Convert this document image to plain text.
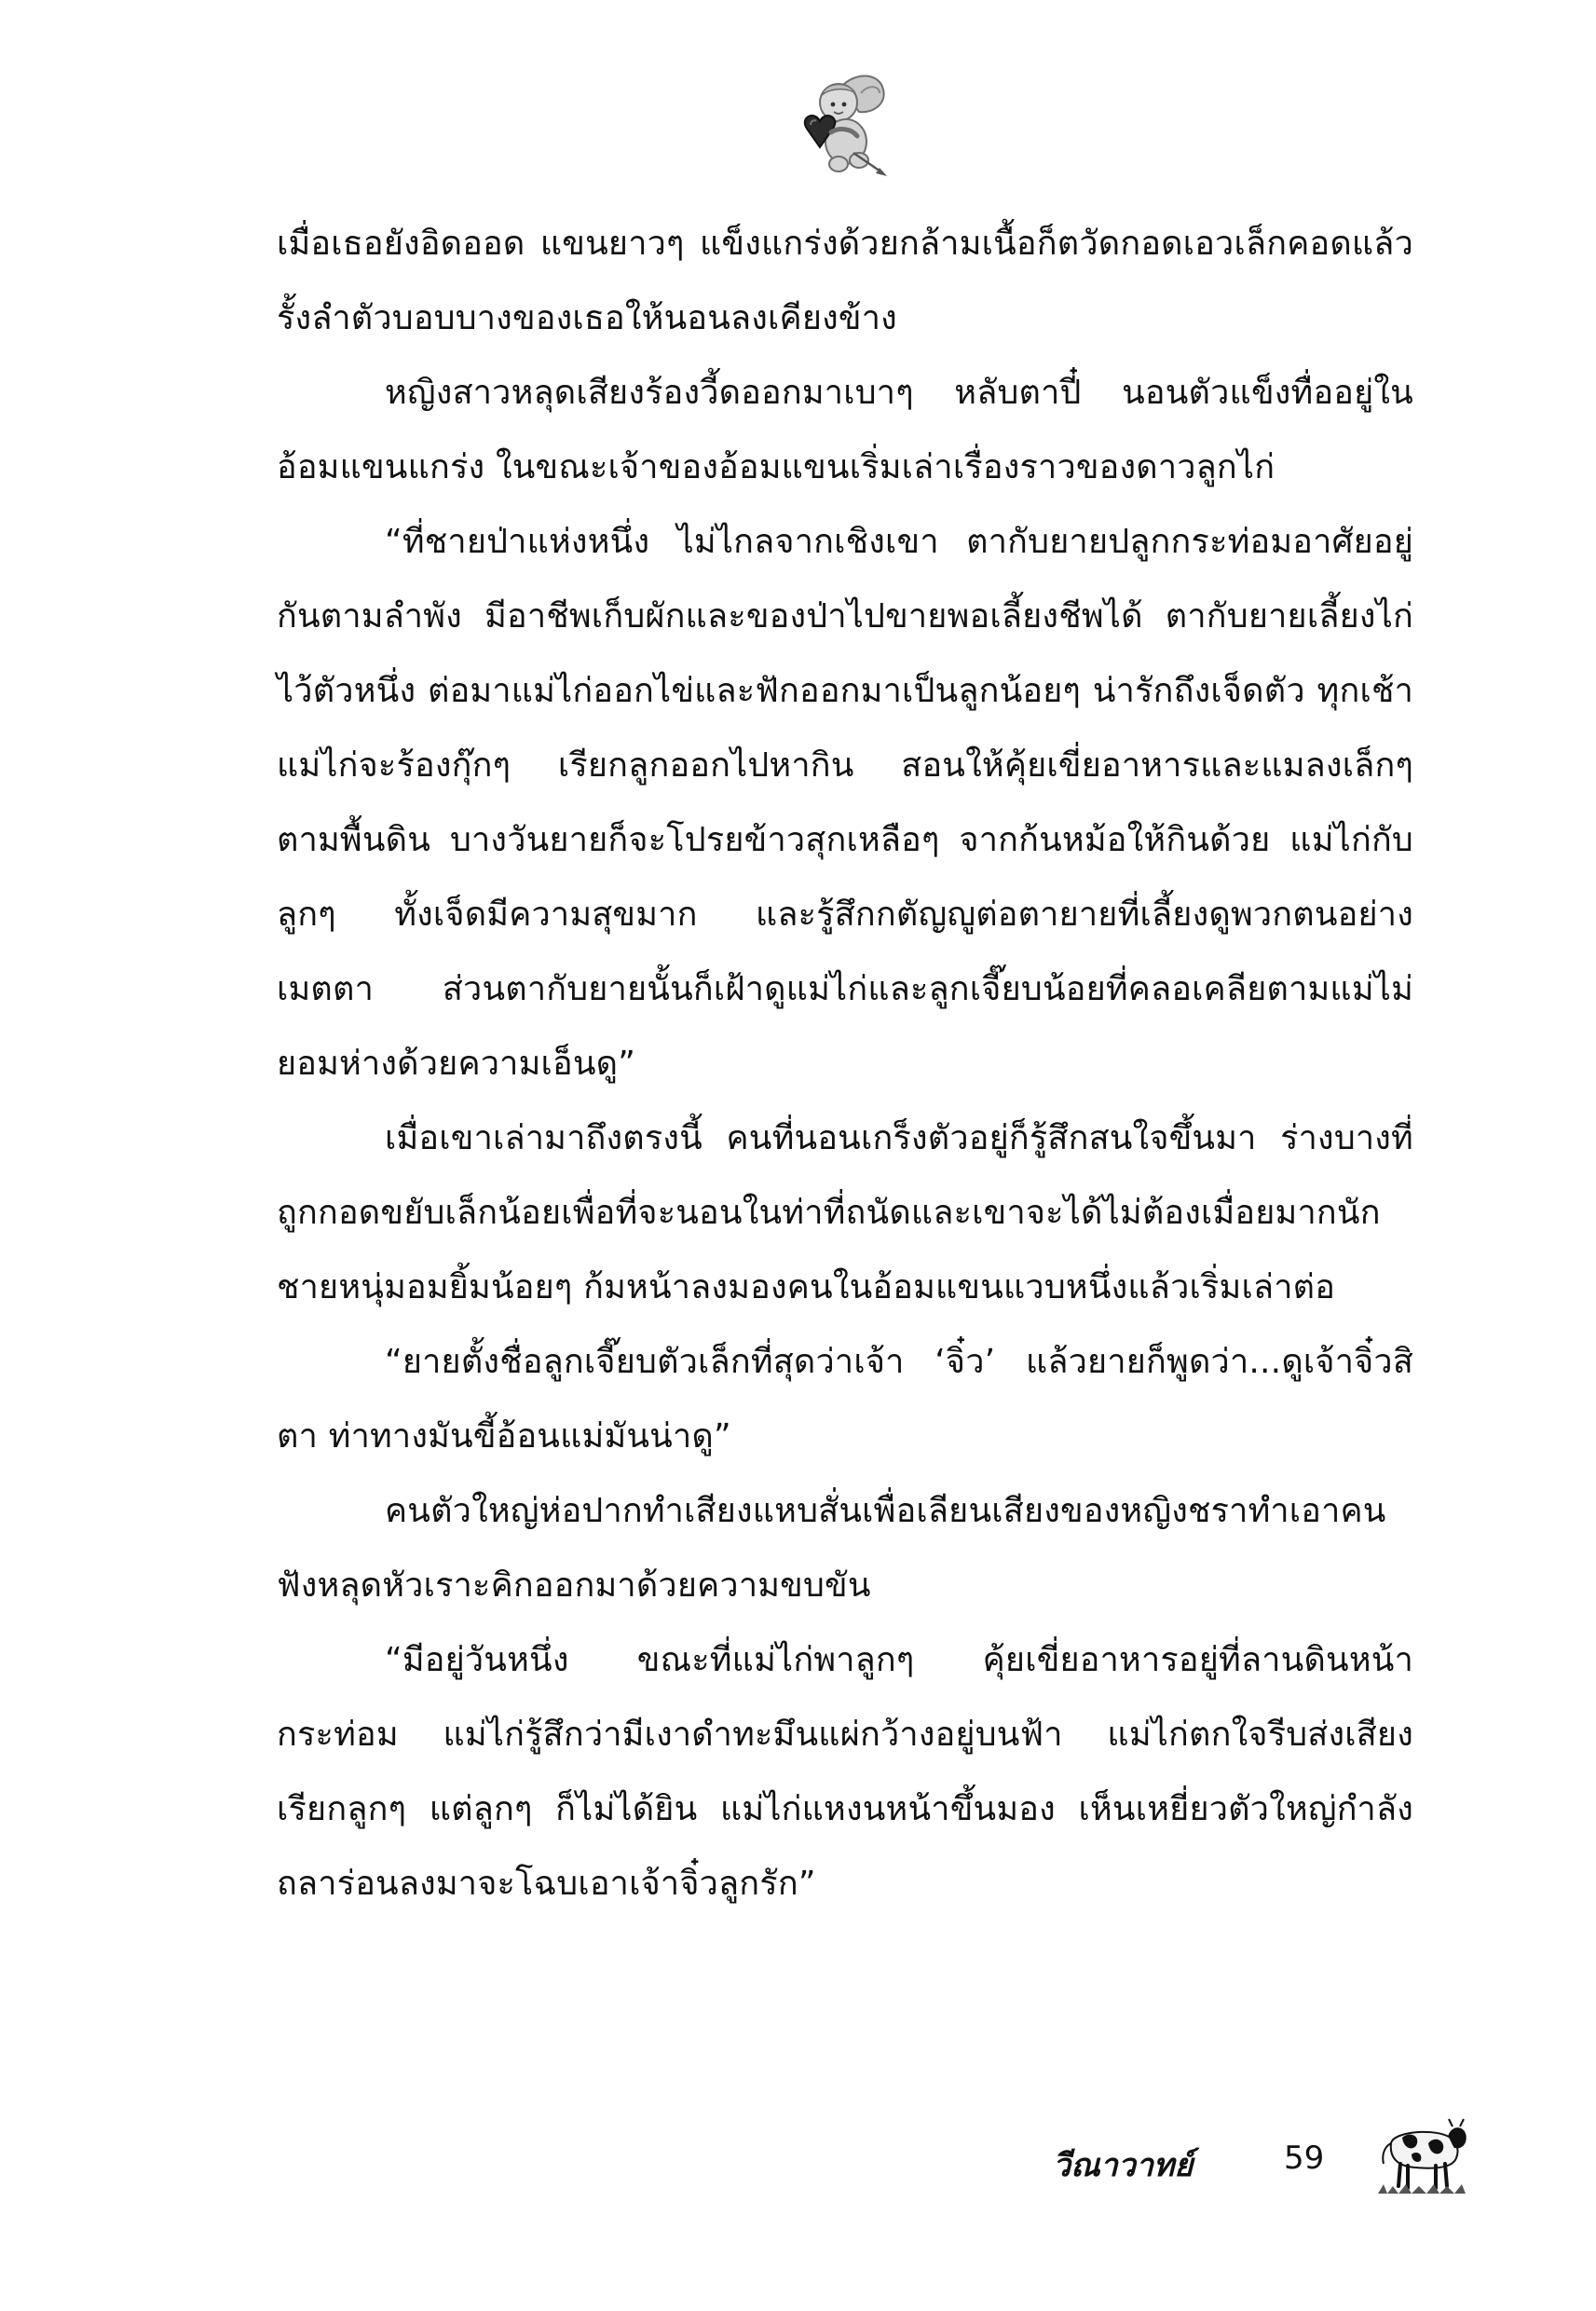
เมื่อเธอยังอิดออด แขนยาวๆ แข็งแกร่งด้วยกล้ามเนื้อก็ตวัดกอดเอวเล็กคอดแล้วรั้งลำตัวบอบบางของเธอให้นอนลงเคียงข้าง

หญิงสาวหลุดเสียงร้องวี้ดออกมาเบาๆ หลับตาปี๋ นอนตัวแข็งทื่ออยู่ในอ้อมแขนแกร่ง ในขณะเจ้าของอ้อมแขนเริ่มเล่าเรื่องราวของดาวลูกไก่

“ที่ชายป่าแห่งหนึ่ง ไม่ไกลจากเชิงเขา ตากับยายปลูกกระท่อมอาศัยอยู่กันตามลำพัง มีอาชีพเก็บผักและของป่าไปขายพอเลี้ยงชีพได้ ตากับยายเลี้ยงไก่ไว้ตัวหนึ่ง ต่อมาแม่ไก่ออกไข่และฟักออกมาเป็นลูกน้อยๆ น่ารักถึงเจ็ดตัว ทุกเช้าแม่ไก่จะร้องกุ๊กๆ เรียกลูกออกไปหากิน สอนให้คุ้ยเขี่ยอาหารและแมลงเล็กๆ ตามพื้นดิน บางวันยายก็จะโปรยข้าวสุกเหลือๆ จากก้นหม้อให้กินด้วย แม่ไก่กับลูกๆ ทั้งเจ็ดมีความสุขมาก และรู้สึกกตัญญูต่อตายายที่เลี้ยงดูพวกตนอย่างเมตตา ส่วนตากับยายนั้นก็เฝ้าดูแม่ไก่และลูกเจี๊ยบน้อยที่คลอเคลียตามแม่ไม่ยอมห่างด้วยความเอ็นดู”

เมื่อเขาเล่ามาถึงตรงนี้ คนที่นอนเกร็งตัวอยู่ก็รู้สึกสนใจขึ้นมา ร่างบางที่ถูกกอดขยับเล็กน้อยเพื่อที่จะนอนในท่าที่ถนัดและเขาจะได้ไม่ต้องเมื่อยมากนัก ชายหนุ่มอมยิ้มน้อยๆ ก้มหน้าลงมองคนในอ้อมแขนแวบหนึ่งแล้วเริ่มเล่าต่อ

“ยายตั้งชื่อลูกเจี๊ยบตัวเล็กที่สุดว่าเจ้า ‘จิ๋ว’ แล้วยายก็พูดว่า...ดูเจ้าจิ๋วสิตา ท่าทางมันขี้อ้อนแม่มันน่าดู”

คนตัวใหญ่ห่อปากทำเสียงแหบสั่นเพื่อเลียนเสียงของหญิงชราทำเอาคนฟังหลุดหัวเราะคิกออกมาด้วยความขบขัน

“มีอยู่วันหนึ่ง ขณะที่แม่ไก่พาลูกๆ คุ้ยเขี่ยอาหารอยู่ที่ลานดินหน้ากระท่อม แม่ไก่รู้สึกว่ามีเงาดำทะมึนแผ่กว้างอยู่บนฟ้า แม่ไก่ตกใจรีบส่งเสียงเรียกลูกๆ แต่ลูกๆ ก็ไม่ได้ยิน แม่ไก่แหงนหน้าขึ้นมอง เห็นเหยี่ยวตัวใหญ่กำลังถลาร่อนลงมาจะโฉบเอาเจ้าจิ๋วลูกรัก”

วีณาวาทย์	59
